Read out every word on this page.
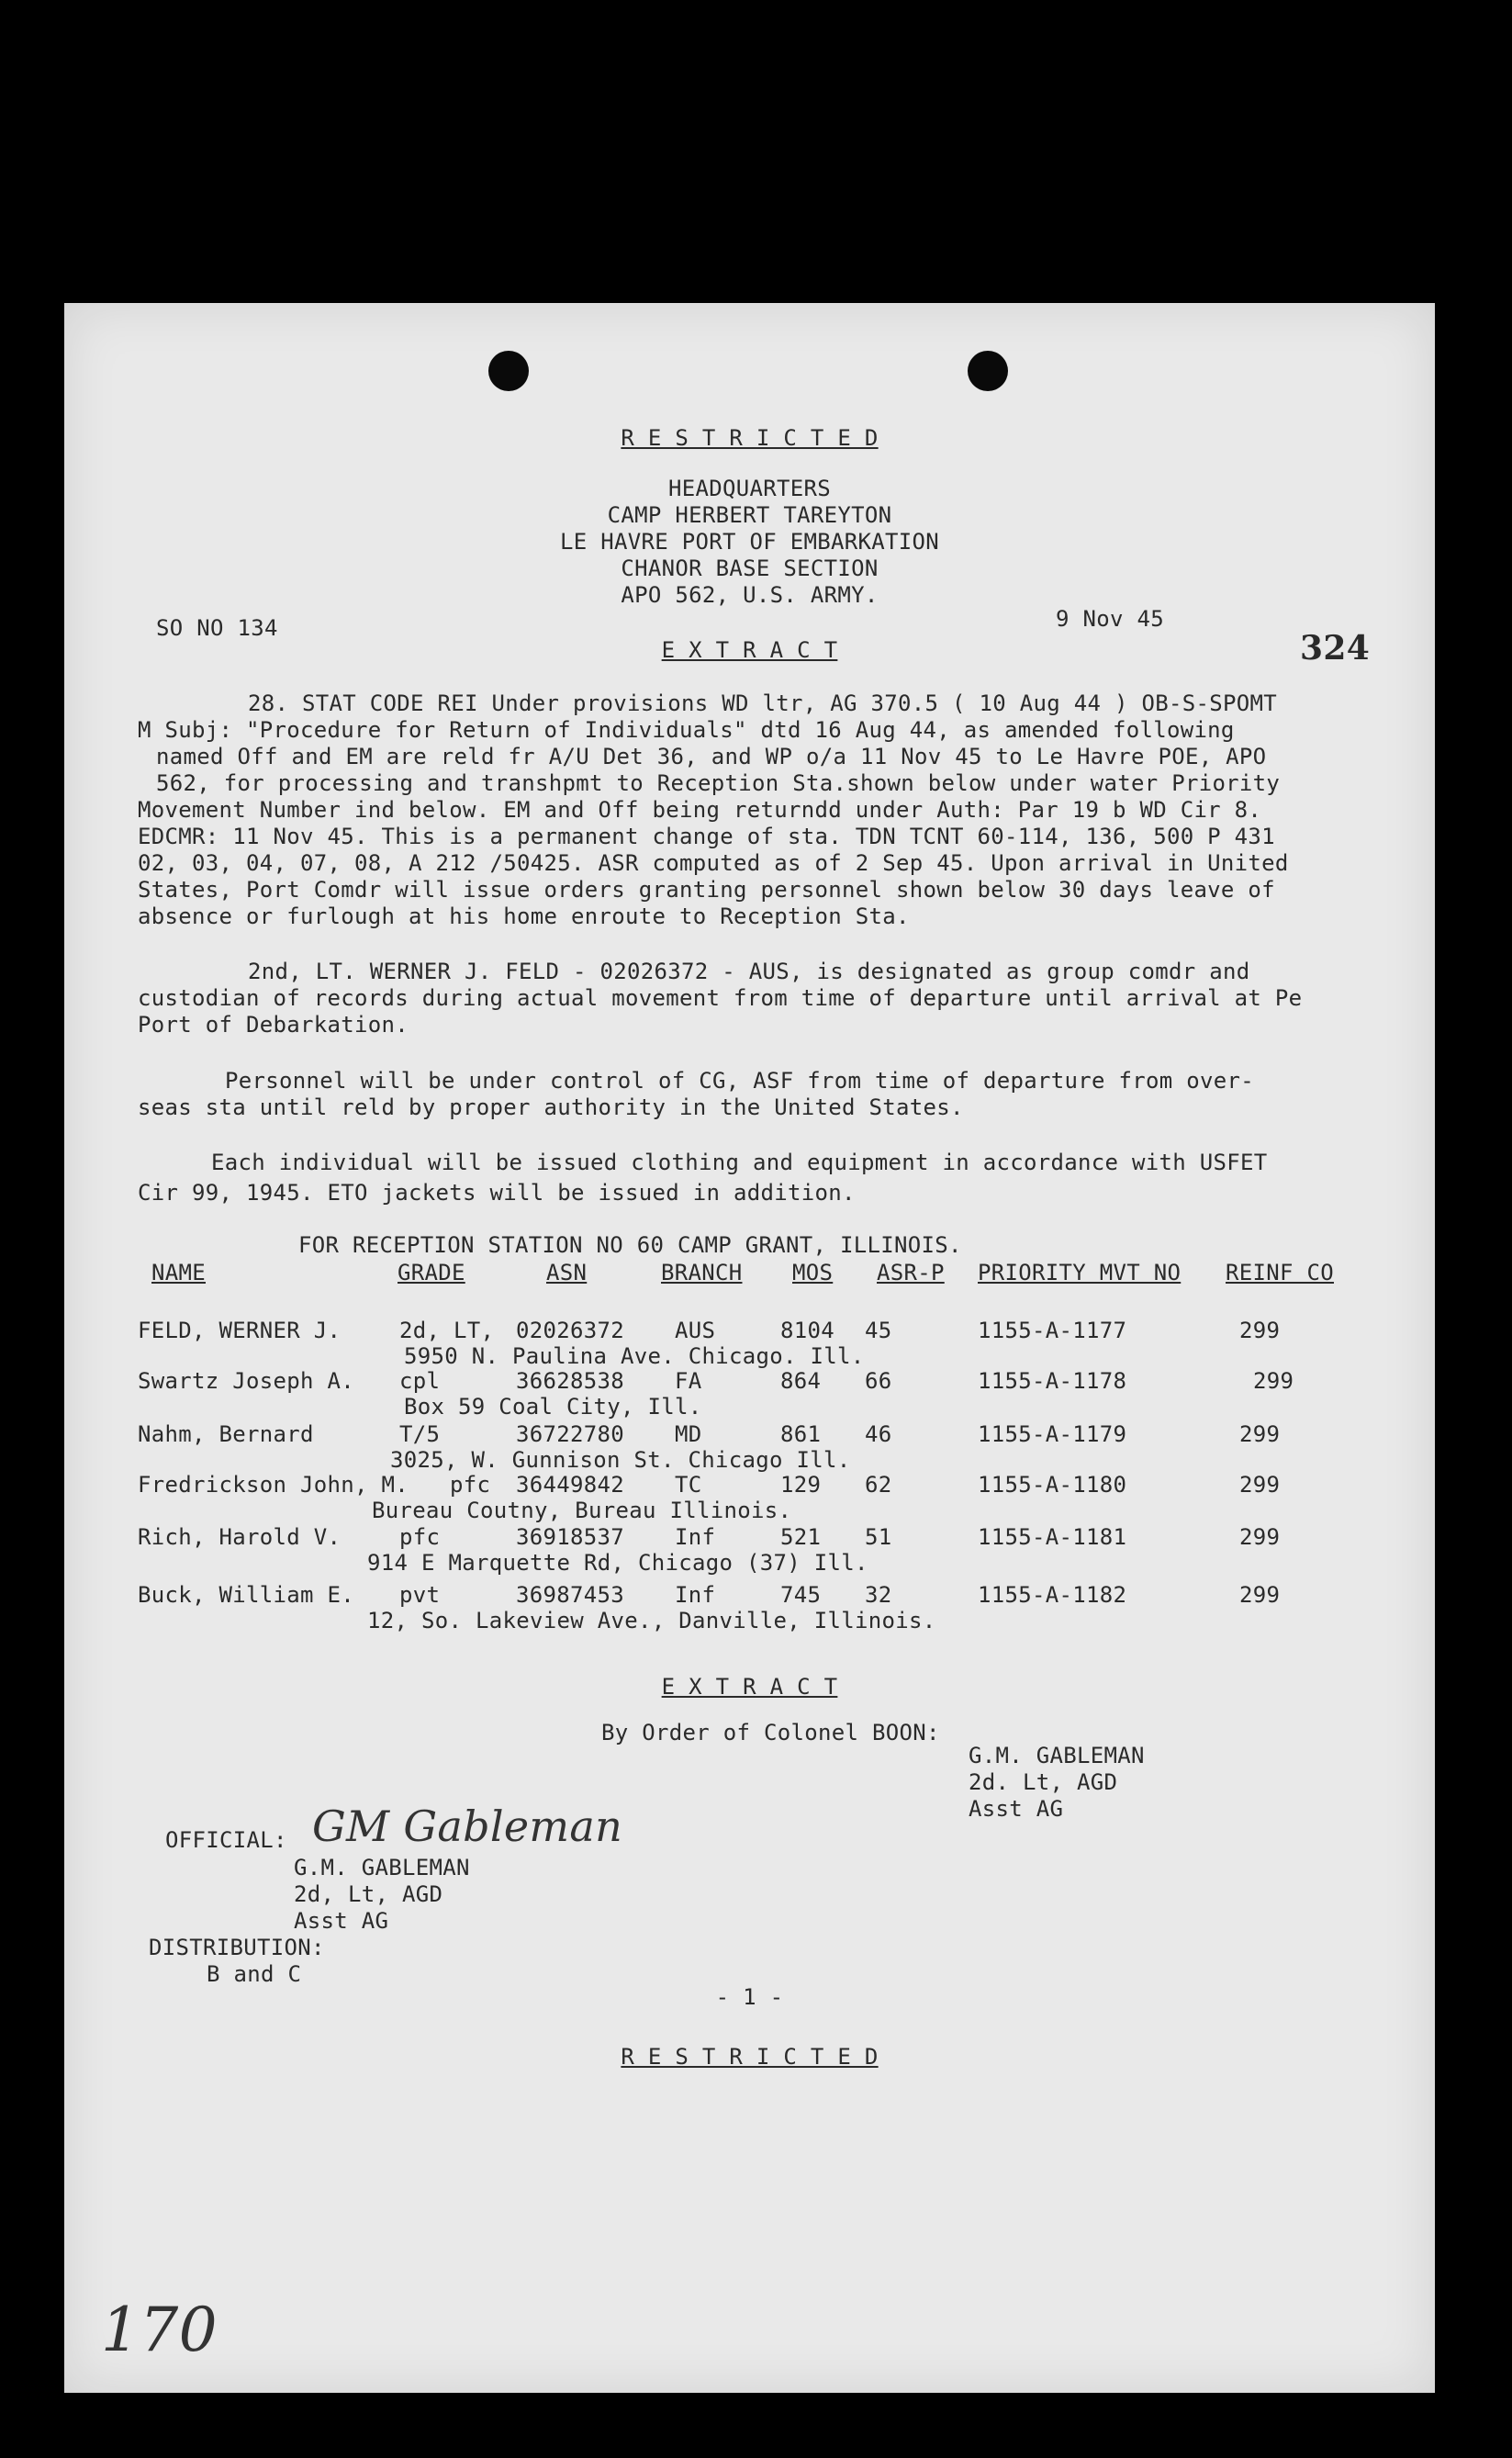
R E S T R I C T E D
HEADQUARTERS
CAMP HERBERT TAREYTON
LE HAVRE PORT OF EMBARKATION
CHANOR BASE SECTION
APO 562, U.S. ARMY.
SO NO 134	9 Nov 45
E X T R A C T	324
28. STAT CODE REI Under provisions WD ltr, AG 370.5 ( 10 Aug 44 ) OB-S-SPOMT
M Subj: "Procedure for Return of Individuals" dtd 16 Aug 44, as amended following
named Off and EM are reld fr A/U Det 36, and WP o/a 11 Nov 45 to Le Havre POE, APO
562, for processing and transhpmt to Reception Sta.shown below under water Priority
Movement Number ind below. EM and Off being returndd under Auth: Par 19 b WD Cir 8.
EDCMR: 11 Nov 45. This is a permanent change of sta. TDN TCNT 60-114, 136, 500 P 431
02, 03, 04, 07, 08, A 212 /50425. ASR computed as of 2 Sep 45. Upon arrival in United
States, Port Comdr will issue orders granting personnel shown below 30 days leave of
absence or furlough at his home enroute to Reception Sta.
2nd, LT. WERNER J. FELD - 02026372 - AUS, is designated as group comdr and
custodian of records during actual movement from time of departure until arrival at Pe
Port of Debarkation.
Personnel will be under control of CG, ASF from time of departure from over-
seas sta until reld by proper authority in the United States.
Each individual will be issued clothing and equipment in accordance with USFET
Cir 99, 1945. ETO jackets will be issued in addition.
FOR RECEPTION STATION NO 60 CAMP GRANT, ILLINOIS.
NAME	GRADE	ASN	BRANCH MOS ASR-P PRIORITY MVT NO REINF CO
FELD, WERNER J.	2d, LT, 02026372 AUS	8104 45	1155-A-1177	299
5950 N. Paulina Ave. Chicago. Ill.
Swartz Joseph A. cpl	36628538 FA	864 66	1155-A-1178	299
Box 59 Coal City, Ill.
Nahm, Bernard	T/5	36722780 MD	861 46	1155-A-1179	299
3025, W. Gunnison St. Chicago Ill.
Fredrickson John, M. pfc 36449842 TC	129 62	1155-A-1180	299
Bureau Coutny, Bureau Illinois.
Rich, Harold V.	pfc	36918537 Inf	521 51	1155-A-1181	299
914 E Marquette Rd, Chicago (37) Ill.
Buck, William E. pvt	36987453 Inf	745 32	1155-A-1182	299
12, So. Lakeview Ave., Danville, Illinois.
E X T R A C T
By Order of Colonel BOON:
G.M. GABLEMAN
2d. Lt, AGD
Asst AG
OFFICIAL: GM Gableman
G.M. GABLEMAN
2d, Lt, AGD
Asst AG
DISTRIBUTION:
B and C
- 1 -
R E S T R I C T E D
170
